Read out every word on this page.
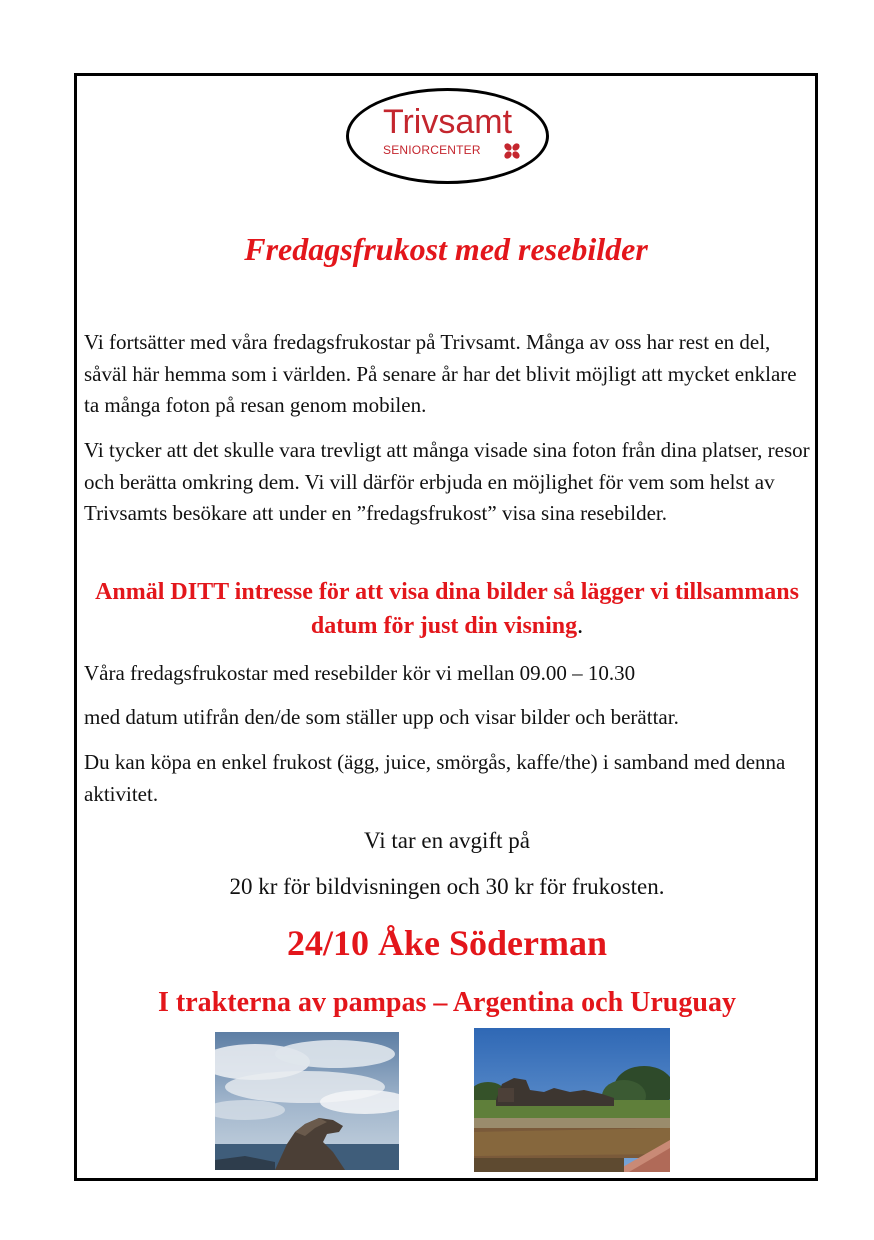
Trivsamt
SENIORCENTER
Fredagsfrukost med resebilder

Vi fortsätter med våra fredagsfrukostar på Trivsamt. Många av oss har rest en del, såväl här hemma som i världen. På senare år har det blivit möjligt att mycket enklare ta många foton på resan genom mobilen.

Vi tycker att det skulle vara trevligt att många visade sina foton från dina platser, resor och berätta omkring dem. Vi vill därför erbjuda en möjlighet för vem som helst av Trivsamts besökare att under en ”fredagsfrukost” visa sina resebilder.

Anmäl DITT intresse för att visa dina bilder så lägger vi tillsammans datum för just din visning.

Våra fredagsfrukostar med resebilder kör vi mellan 09.00 – 10.30

med datum utifrån den/de som ställer upp och visar bilder och berättar.

Du kan köpa en enkel frukost (ägg, juice, smörgås, kaffe/the) i samband med denna aktivitet.

Vi tar en avgift på
20 kr för bildvisningen och 30 kr för frukosten.
24/10 Åke Söderman
I trakterna av pampas – Argentina och Uruguay
